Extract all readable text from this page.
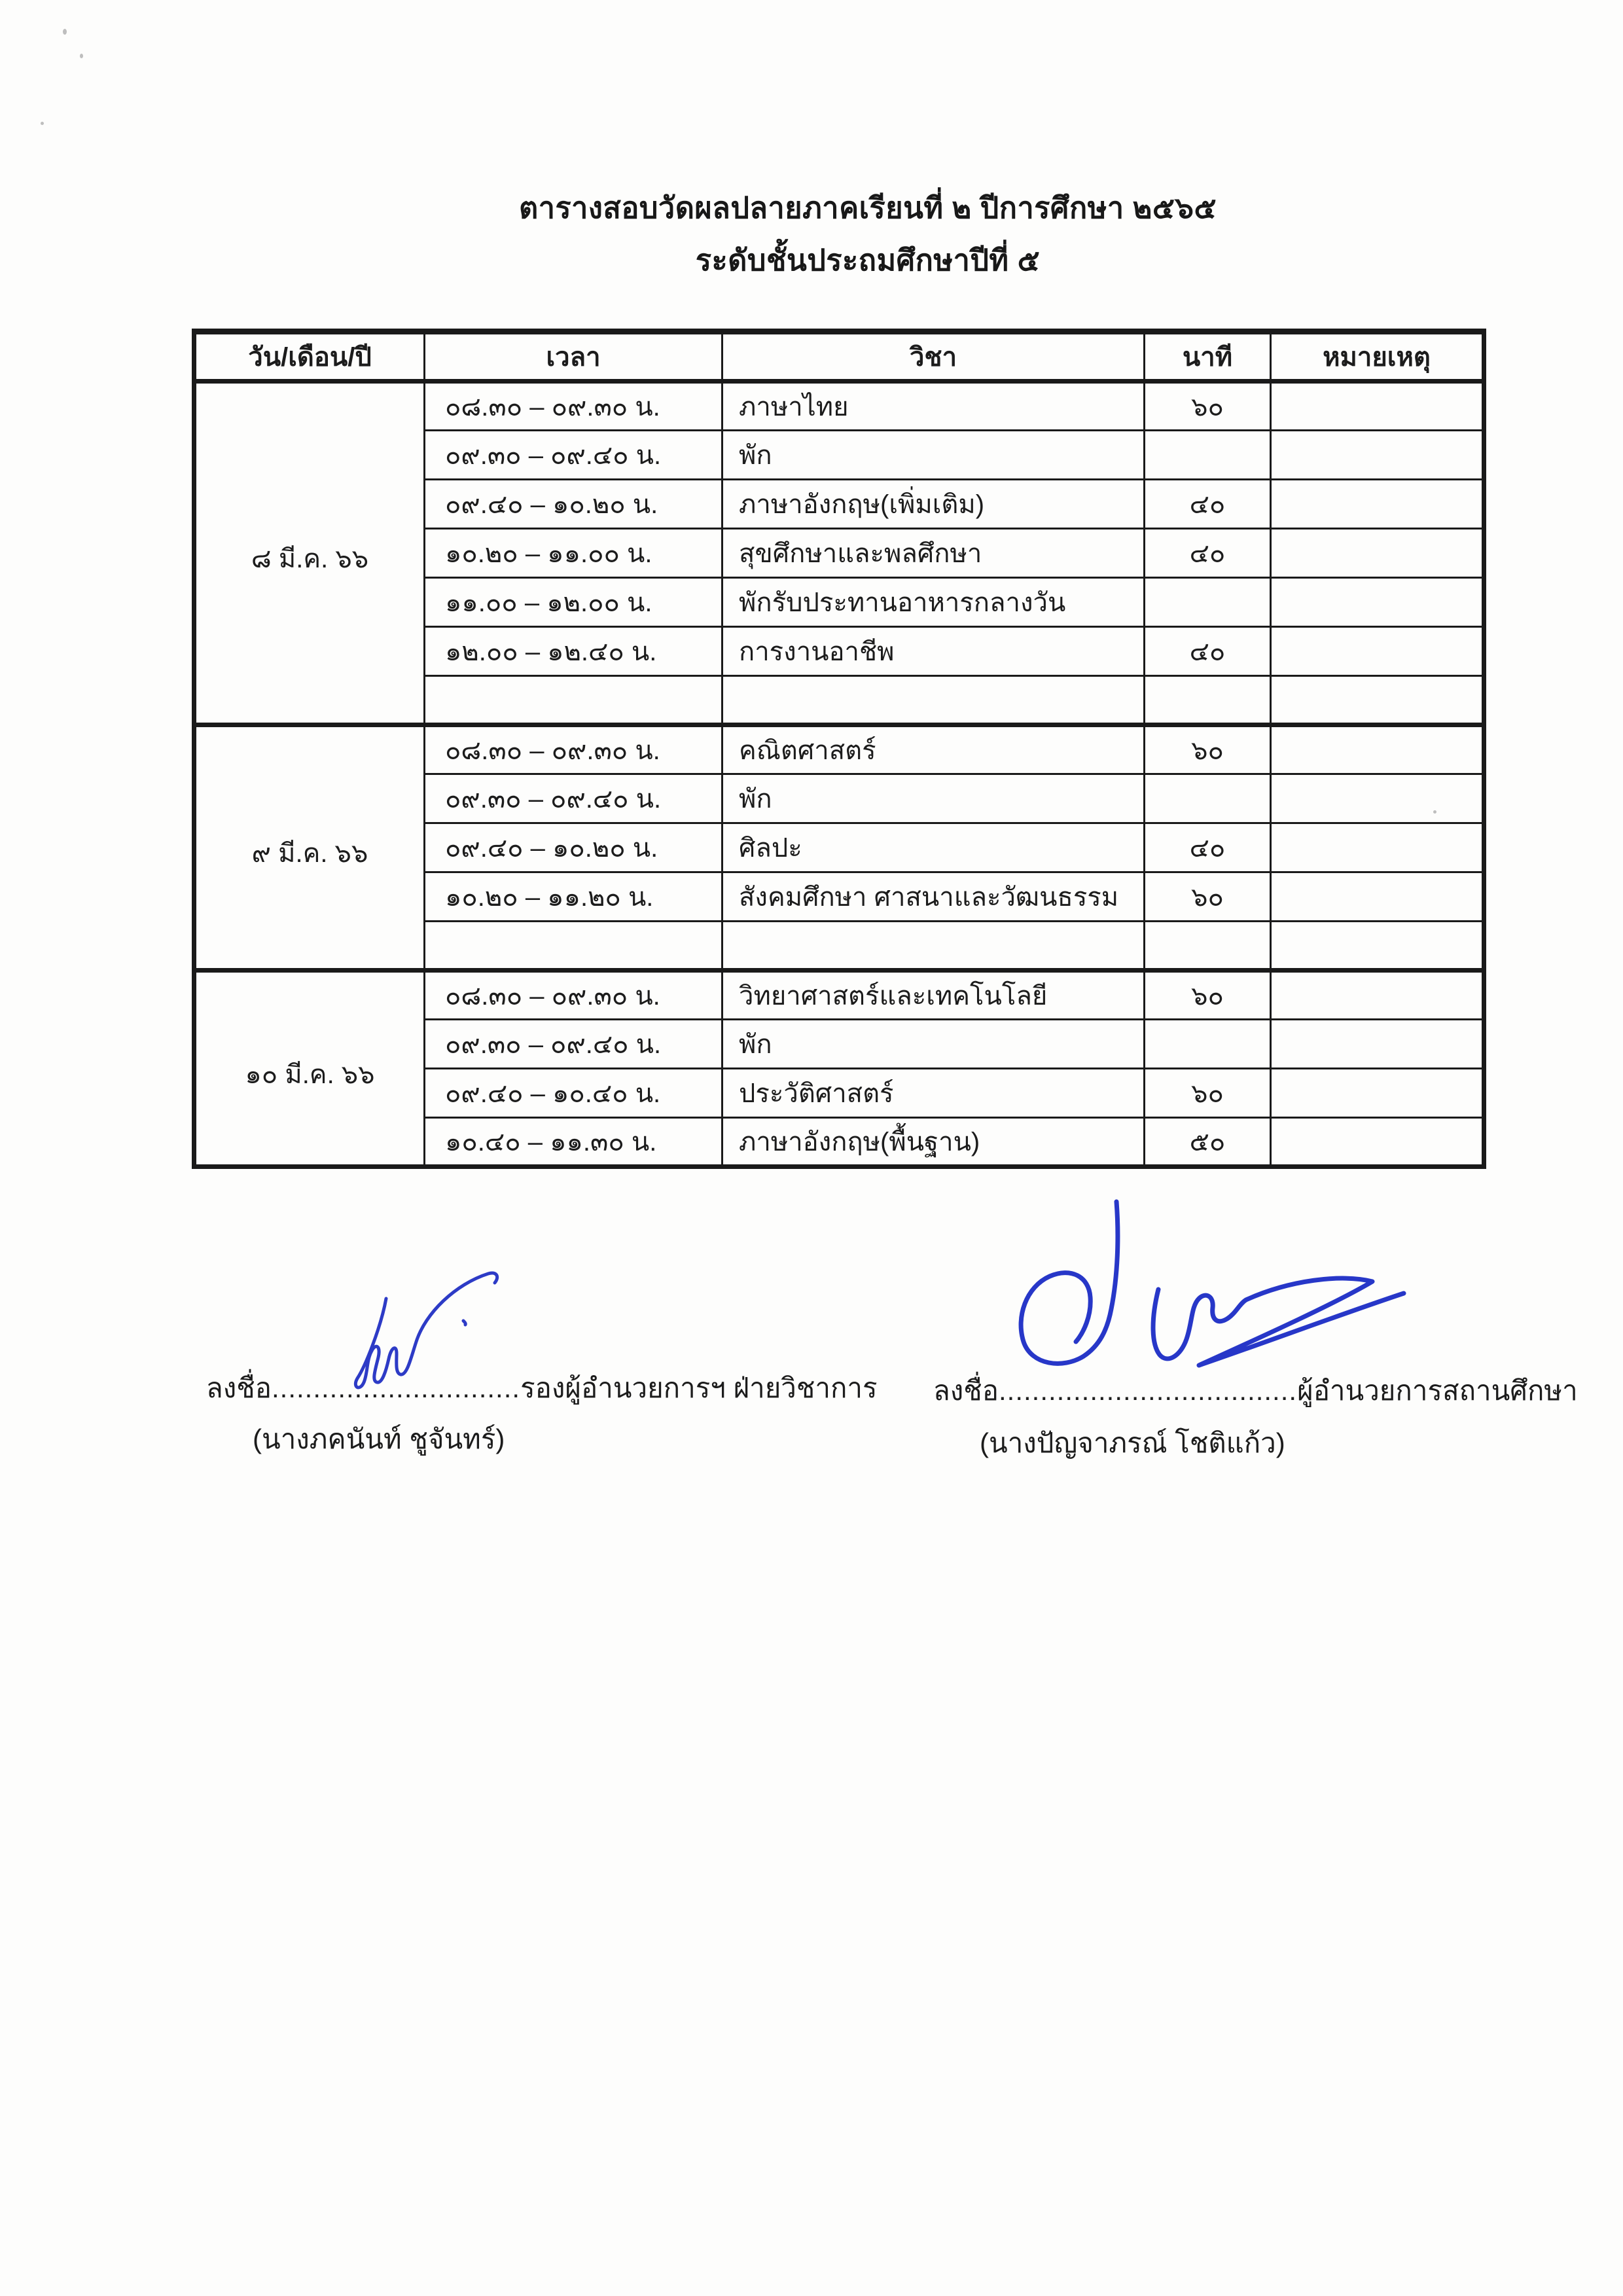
ตารางสอบวัดผลปลายภาคเรียนที่ ๒ ปีการศึกษา ๒๕๖๕
ระดับชั้นประถมศึกษาปีที่ ๕
วัน/เดือน/ปี	เวลา	วิชา	นาที	หมายเหตุ
๘ มี.ค. ๖๖	๐๘.๓๐ – ๐๙.๓๐ น.	ภาษาไทย	๖๐	
	๐๙.๓๐ – ๐๙.๔๐ น.	พัก		
	๐๙.๔๐ – ๑๐.๒๐ น.	ภาษาอังกฤษ(เพิ่มเติม)	๔๐	
	๑๐.๒๐ – ๑๑.๐๐ น.	สุขศึกษาและพลศึกษา	๔๐	
	๑๑.๐๐ – ๑๒.๐๐ น.	พักรับประทานอาหารกลางวัน		
	๑๒.๐๐ – ๑๒.๔๐ น.	การงานอาชีพ	๔๐	

๙ มี.ค. ๖๖	๐๘.๓๐ – ๐๙.๓๐ น.	คณิตศาสตร์	๖๐	
	๐๙.๓๐ – ๐๙.๔๐ น.	พัก		
	๐๙.๔๐ – ๑๐.๒๐ น.	ศิลปะ	๔๐	
	๑๐.๒๐ – ๑๑.๒๐ น.	สังคมศึกษา ศาสนาและวัฒนธรรม	๖๐	

๑๐ มี.ค. ๖๖	๐๘.๓๐ – ๐๙.๓๐ น.	วิทยาศาสตร์และเทคโนโลยี	๖๐	
	๐๙.๓๐ – ๐๙.๔๐ น.	พัก		
	๐๙.๔๐ – ๑๐.๔๐ น.	ประวัติศาสตร์	๖๐	
	๑๐.๔๐ – ๑๑.๓๐ น.	ภาษาอังกฤษ(พื้นฐาน)	๕๐	
ลงชื่อ..............................รองผู้อำนวยการฯ ฝ่ายวิชาการ
(นางภคนันท์ ชูจันทร์)
ลงชื่อ....................................ผู้อำนวยการสถานศึกษา
(นางปัญจาภรณ์ โชติแก้ว)
